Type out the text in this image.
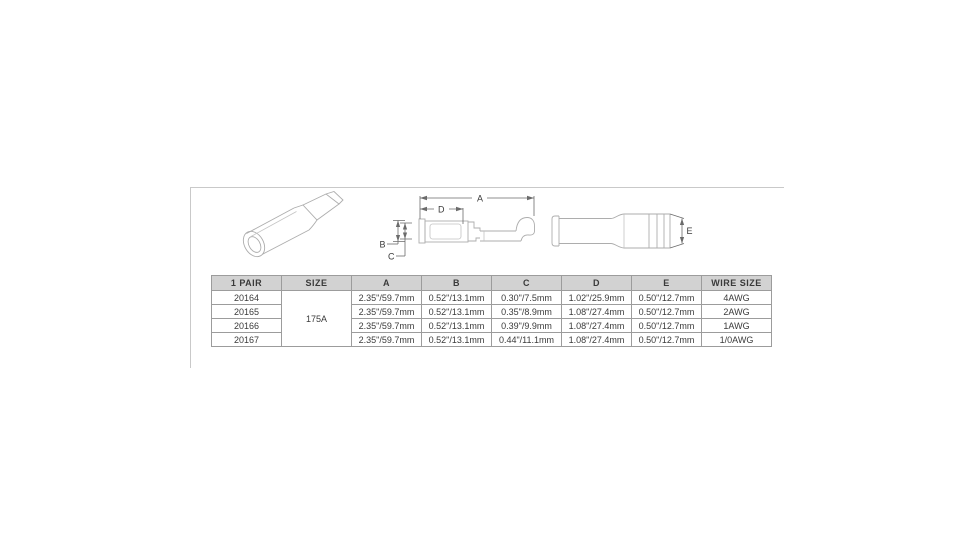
A
D
B
C
E
1 PAIR	SIZE	A	B	C	D	E	WIRE SIZE
20164	175A	2.35"/59.7mm	0.52"/13.1mm	0.30"/7.5mm	1.02"/25.9mm	0.50"/12.7mm	4AWG
20165		2.35"/59.7mm	0.52"/13.1mm	0.35"/8.9mm	1.08"/27.4mm	0.50"/12.7mm	2AWG
20166		2.35"/59.7mm	0.52"/13.1mm	0.39"/9.9mm	1.08"/27.4mm	0.50"/12.7mm	1AWG
20167		2.35"/59.7mm	0.52"/13.1mm	0.44"/11.1mm	1.08"/27.4mm	0.50"/12.7mm	1/0AWG
